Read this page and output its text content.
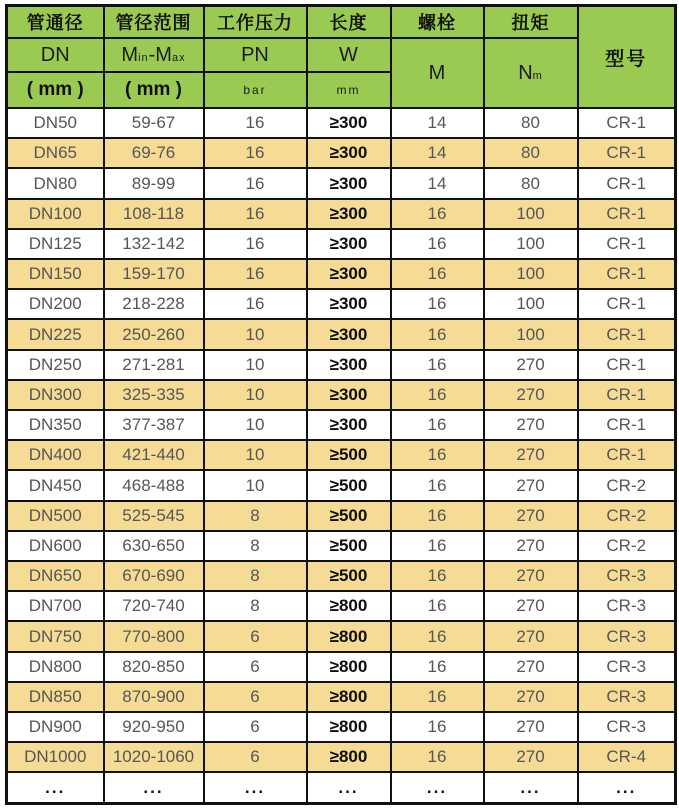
管通径	管径范围	工作压力	长度	螺栓	扭矩	型号
DN	Min-Max	PN	W	M	Nm	
( mm )	( mm )	bar	mm			
DN50	59-67	16	≥300	14	80	CR-1
DN65	69-76	16	≥300	14	80	CR-1
DN80	89-99	16	≥300	14	80	CR-1
DN100	108-118	16	≥300	16	100	CR-1
DN125	132-142	16	≥300	16	100	CR-1
DN150	159-170	16	≥300	16	100	CR-1
DN200	218-228	16	≥300	16	100	CR-1
DN225	250-260	10	≥300	16	100	CR-1
DN250	271-281	10	≥300	16	270	CR-1
DN300	325-335	10	≥300	16	270	CR-1
DN350	377-387	10	≥300	16	270	CR-1
DN400	421-440	10	≥500	16	270	CR-1
DN450	468-488	10	≥500	16	270	CR-2
DN500	525-545	8	≥500	16	270	CR-2
DN600	630-650	8	≥500	16	270	CR-2
DN650	670-690	8	≥500	16	270	CR-3
DN700	720-740	8	≥800	16	270	CR-3
DN750	770-800	6	≥800	16	270	CR-3
DN800	820-850	6	≥800	16	270	CR-3
DN850	870-900	6	≥800	16	270	CR-3
DN900	920-950	6	≥800	16	270	CR-3
DN1000	1020-1060	6	≥800	16	270	CR-4
...	...	...	...	...	...	...
